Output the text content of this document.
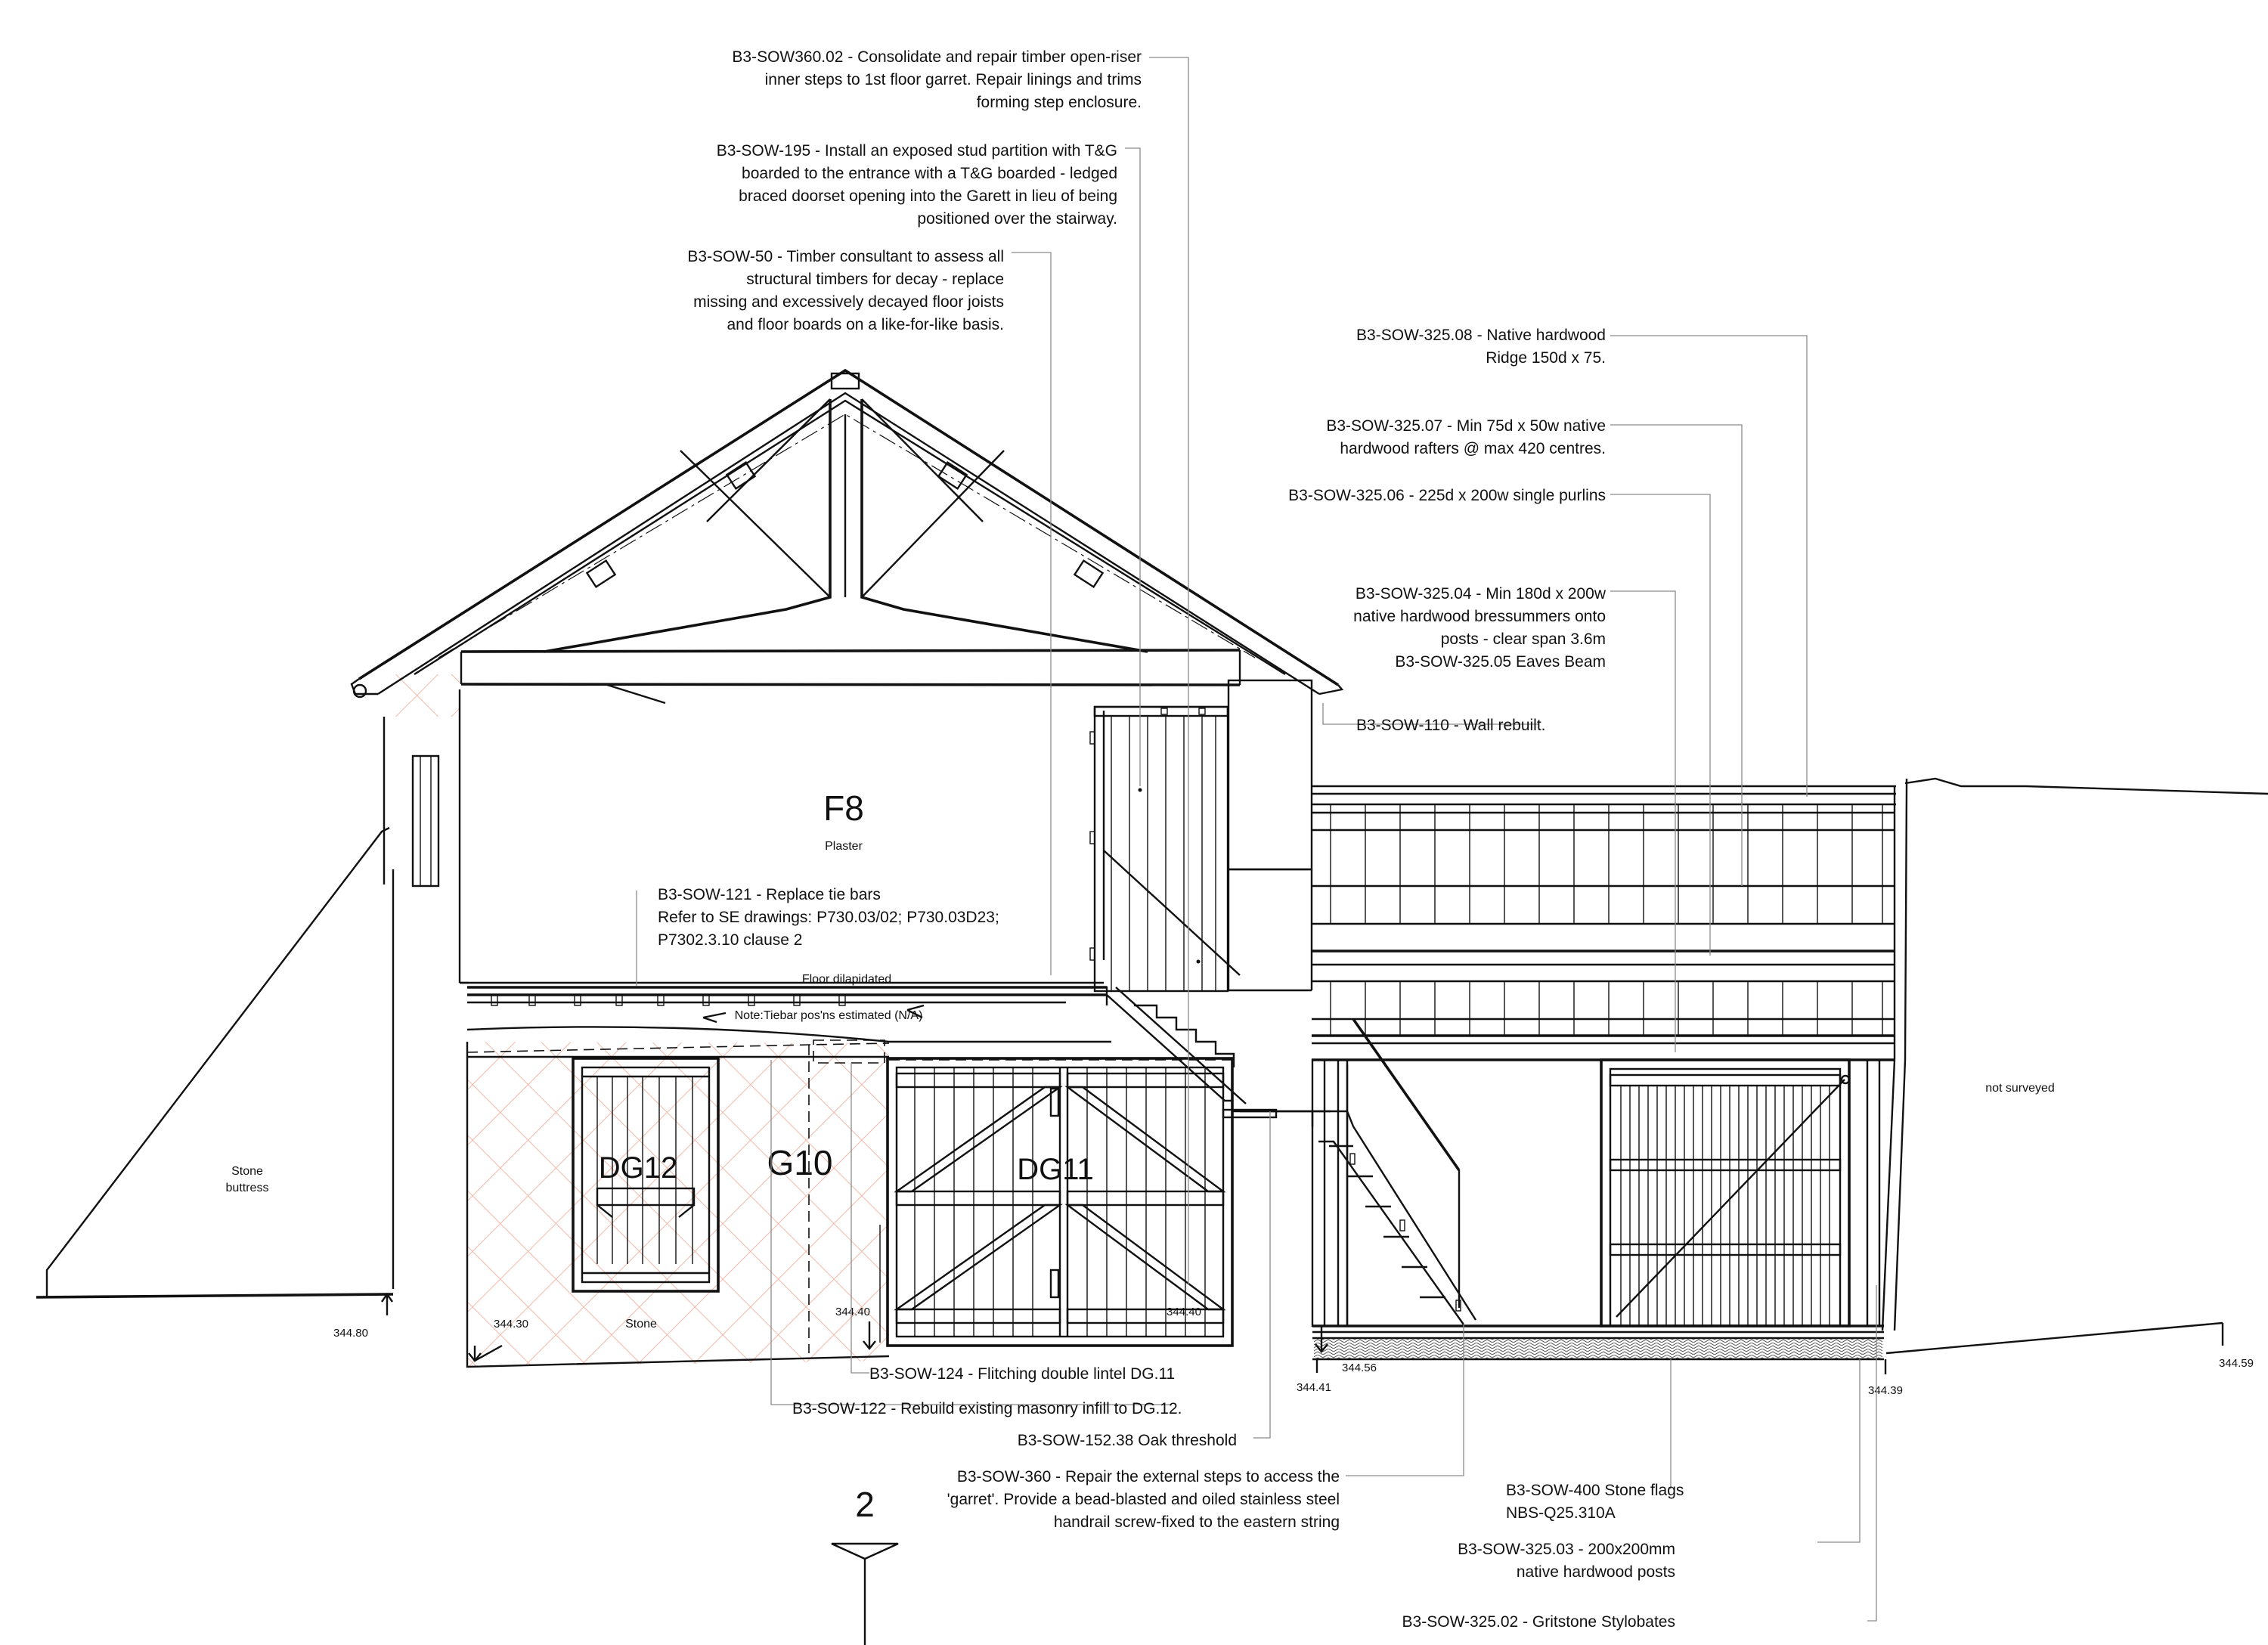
F8
Plaster
G10
DG12	DG11
Stone
buttress
Stone
not surveyed
Floor dilapidated
Note:Tiebar pos'ns estimated (N/A)
344.80
344.30
344.40	344.40
344.56
344.41	344.39
344.59
2
B3-SOW360.02 - Consolidate and repair timber open-riser
inner steps to 1st floor garret. Repair linings and trims
forming step enclosure.
B3-SOW-195 - Install an exposed stud partition with T&G
boarded to the entrance with a T&G boarded - ledged
braced doorset opening into the Garett in lieu of being
positioned over the stairway.
B3-SOW-50 - Timber consultant to assess all
structural timbers for decay - replace
missing and excessively decayed floor joists
and floor boards on a like-for-like basis.
B3-SOW-121 - Replace tie bars
Refer to SE drawings: P730.03/02; P730.03D23;
P7302.3.10 clause 2
B3-SOW-325.08 - Native hardwood
Ridge 150d x 75.
B3-SOW-325.07 - Min 75d x 50w native
hardwood rafters @ max 420 centres.
B3-SOW-325.06 - 225d x 200w single purlins
B3-SOW-325.04 - Min 180d x 200w
native hardwood bressummers onto
posts - clear span 3.6m
B3-SOW-325.05 Eaves Beam
B3-SOW-110 - Wall rebuilt.
B3-SOW-124 - Flitching double lintel DG.11
B3-SOW-122 - Rebuild existing masonry infill to DG.12.
B3-SOW-152.38 Oak threshold
B3-SOW-360 - Repair the external steps to access the
'garret'. Provide a bead-blasted and oiled stainless steel
handrail screw-fixed to the eastern string
B3-SOW-400 Stone flags
NBS-Q25.310A
B3-SOW-325.03 - 200x200mm
native hardwood posts
B3-SOW-325.02 - Gritstone Stylobates
